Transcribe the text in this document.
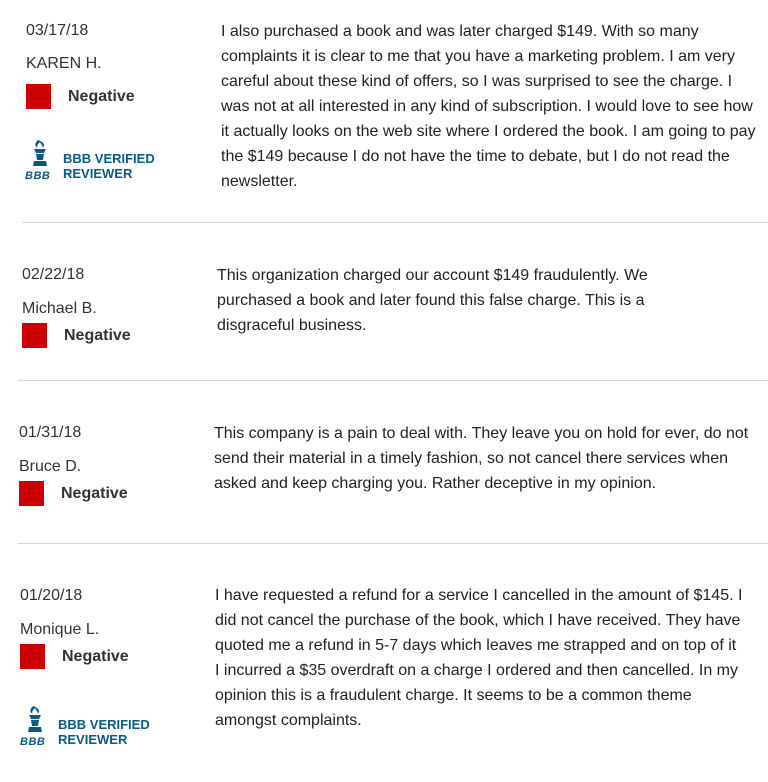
03/17/18
KAREN H.
Negative
BBB
BBB VERIFIED
REVIEWER
I also purchased a book and was later charged $149. With so many complaints it is clear to me that you have a marketing problem. I am very careful about these kind of offers, so I was surprised to see the charge. I was not at all interested in any kind of subscription. I would love to see how it actually looks on the web site where I ordered the book. I am going to pay the $149 because I do not have the time to debate, but I do not read the newsletter.
02/22/18
Michael B.
Negative
This organization charged our account $149 fraudulently. We purchased a book and later found this false charge. This is a disgraceful business.
01/31/18
Bruce D.
Negative
This company is a pain to deal with. They leave you on hold for ever, do not send their material in a timely fashion, so not cancel there services when asked and keep charging you. Rather deceptive in my opinion.
01/20/18
Monique L.
Negative
BBB
BBB VERIFIED
REVIEWER
I have requested a refund for a service I cancelled in the amount of $145. I did not cancel the purchase of the book, which I have received. They have quoted me a refund in 5-7 days which leaves me strapped and on top of it I incurred a $35 overdraft on a charge I ordered and then cancelled. In my opinion this is a fraudulent charge. It seems to be a common theme amongst complaints.
